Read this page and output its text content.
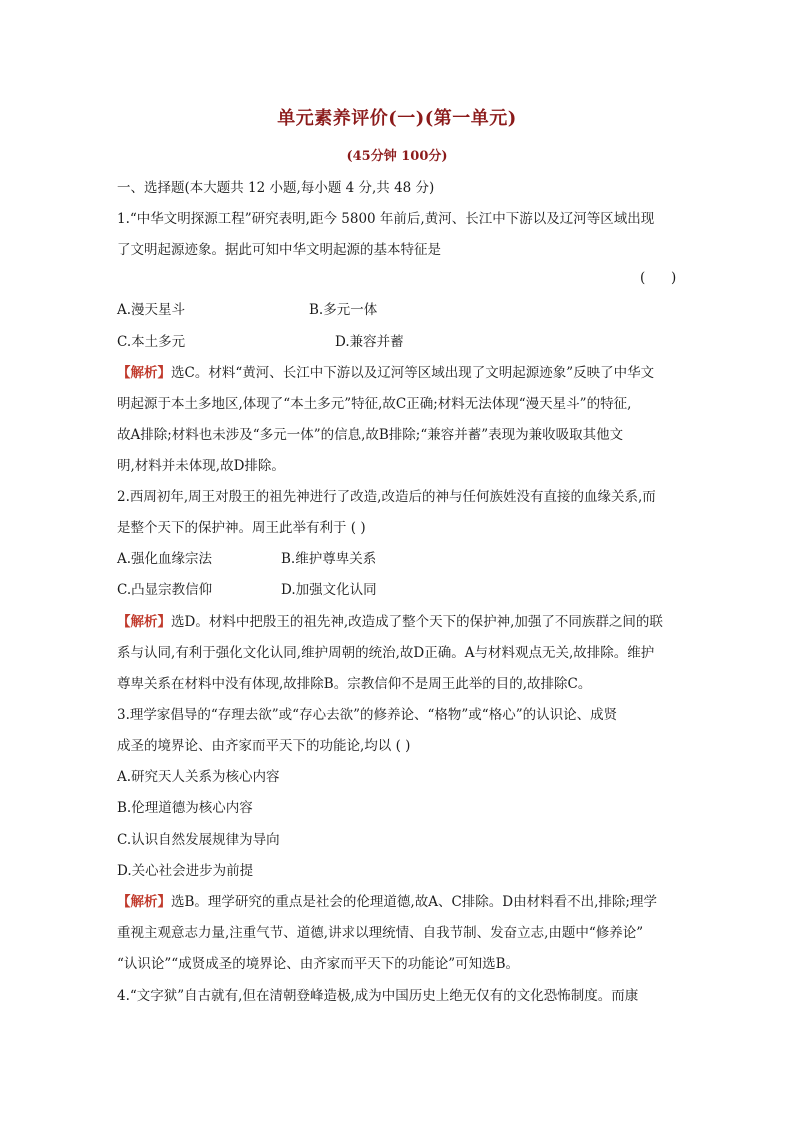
单元素养评价(一)(第一单元)
(45分钟 100分)
一、选择题(本大题共 12 小题,每小题 4 分,共 48 分)
1.“中华文明探源工程”研究表明,距今 5800 年前后,黄河、长江中下游以及辽河等区域出现
了文明起源迹象。据此可知中华文明起源的基本特征是
(      )
A.漫天星斗	B.多元一体
C.本土多元	D.兼容并蓄
【解析】选C。材料“黄河、长江中下游以及辽河等区域出现了文明起源迹象”反映了中华文
明起源于本土多地区,体现了“本土多元”特征,故C正确;材料无法体现“漫天星斗”的特征,
故A排除;材料也未涉及“多元一体”的信息,故B排除;“兼容并蓄”表现为兼收吸取其他文
明,材料并未体现,故D排除。
2.西周初年,周王对殷王的祖先神进行了改造,改造后的神与任何族姓没有直接的血缘关系,而
是整个天下的保护神。周王此举有利于 ( )
A.强化血缘宗法	B.维护尊卑关系
C.凸显宗教信仰	D.加强文化认同
【解析】选D。材料中把殷王的祖先神,改造成了整个天下的保护神,加强了不同族群之间的联
系与认同,有利于强化文化认同,维护周朝的统治,故D正确。A与材料观点无关,故排除。维护
尊卑关系在材料中没有体现,故排除B。宗教信仰不是周王此举的目的,故排除C。
3.理学家倡导的“存理去欲”或“存心去欲”的修养论、“格物”或“格心”的认识论、成贤
成圣的境界论、由齐家而平天下的功能论,均以 ( )
A.研究天人关系为核心内容
B.伦理道德为核心内容
C.认识自然发展规律为导向
D.关心社会进步为前提
【解析】选B。理学研究的重点是社会的伦理道德,故A、C排除。D由材料看不出,排除;理学
重视主观意志力量,注重气节、道德,讲求以理统情、自我节制、发奋立志,由题中“修养论”
“认识论”“成贤成圣的境界论、由齐家而平天下的功能论”可知选B。
4.“文字狱”自古就有,但在清朝登峰造极,成为中国历史上绝无仅有的文化恐怖制度。而康
